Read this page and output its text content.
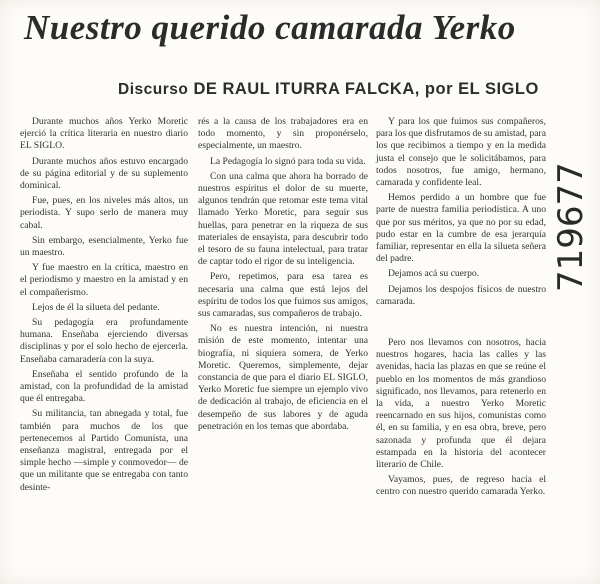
Nuestro querido camarada Yerko
Discurso DE RAUL ITURRA FALCKA, por EL SIGLO

Durante muchos años Yerko Moretic ejerció la crítica literaria en nuestro diario EL SIGLO.

Durante muchos años estuvo encargado de su página editorial y de su suplemento dominical.

Fue, pues, en los niveles más altos, un periodista. Y supo serlo de manera muy cabal.

Sin embargo, esencialmente, Yerko fue un maestro.

Y fue maestro en la crítica, maestro en el periodismo y maestro en la amistad y en el compañerismo.

Lejos de él la silueta del pedante.

Su pedagogía era profundamente humana. Enseñaba ejerciendo diversas disciplinas y por el solo hecho de ejercerla. Enseñaba camaradería con la suya.

Enseñaba el sentido profundo de la amistad, con la profundidad de la amistad que él entregaba.

Su militancia, tan abnegada y total, fue también para muchos de los que pertenecemos al Partido Comunista, una enseñanza magistral, entregada por el simple hecho —simple y conmovedor— de que un militante que se entregaba con tanto desinte-

rés a la causa de los trabajadores era en todo momento, y sin proponérselo, especialmente, un maestro.

La Pedagogía lo signó para toda su vida.

Con una calma que ahora ha borrado de nuestros espíritus el dolor de su muerte, algunos tendrán que retomar este tema vital llamado Yerko Moretic, para seguir sus huellas, para penetrar en la riqueza de sus materiales de ensayista, para descubrir todo el tesoro de su fauna intelectual, para tratar de captar todo el rigor de su inteligencia.

Pero, repetimos, para esa tarea es necesaria una calma que está lejos del espíritu de todos los que fuimos sus amigos, sus camaradas, sus compañeros de trabajo.

No es nuestra intención, ni nuestra misión de este momento, intentar una biografía, ni siquiera somera, de Yerko Moretic. Queremos, simplemente, dejar constancia de que para el diario EL SIGLO, Yerko Moretic fue siempre un ejemplo vivo de dedicación al trabajo, de eficiencia en el desempeño de sus labores y de aguda penetración en los temas que abordaba.

Y para los que fuimos sus compañeros, para los que disfrutamos de su amistad, para los que recibimos a tiempo y en la medida justa el consejo que le solicitábamos, para todos nosotros, fue amigo, hermano, camarada y confidente leal.

Hemos perdido a un hombre que fue parte de nuestra familia periodística. A uno que por sus méritos, ya que no por su edad, pudo estar en la cumbre de esa jerarquía familiar, representar en ella la silueta señera del padre.

Dejamos acá su cuerpo.

Dejamos los despojos físicos de nuestro camarada.

Pero nos llevamos con nosotros, hacia nuestros hogares, hacia las calles y las avenidas, hacia las plazas en que se reúne el pueblo en los momentos de más grandioso significado, nos llevamos, para retenerlo en la vida, a nuestro Yerko Moretic reencarnado en sus hijos, comunistas como él, en su familia, y en esa obra, breve, pero sazonada y profunda que él dejara estampada en la historia del acontecer literario de Chile.

Vayamos, pues, de regreso hacia el centro con nuestro querido camarada Yerko.

719677
